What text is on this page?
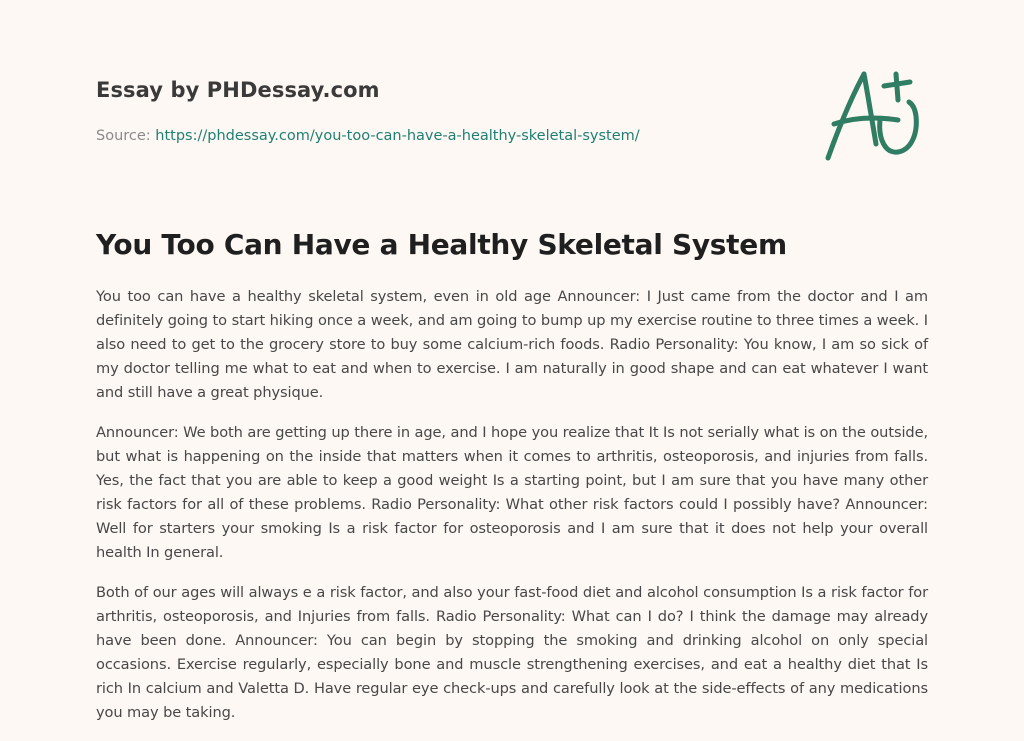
Essay by PHDessay.com
Source: https://phdessay.com/you-too-can-have-a-healthy-skeletal-system/
You Too Can Have a Healthy Skeletal System

You too can have a healthy skeletal system, even in old age Announcer: I Just came from the doctor and I am definitely going to start hiking once a week, and am going to bump up my exercise routine to three times a week. I also need to get to the grocery store to buy some calcium-rich foods. Radio Personality: You know, I am so sick of my doctor telling me what to eat and when to exercise. I am naturally in good shape and can eat whatever I want and still have a great physique.

Announcer: We both are getting up there in age, and I hope you realize that It Is not serially what is on the outside, but what is happening on the inside that matters when it comes to arthritis, osteoporosis, and injuries from falls. Yes, the fact that you are able to keep a good weight Is a starting point, but I am sure that you have many other risk factors for all of these problems. Radio Personality: What other risk factors could I possibly have? Announcer: Well for starters your smoking Is a risk factor for osteoporosis and I am sure that it does not help your overall health In general.

Both of our ages will always e a risk factor, and also your fast-food diet and alcohol consumption Is a risk factor for arthritis, osteoporosis, and Injuries from falls. Radio Personality: What can I do? I think the damage may already have been done. Announcer: You can begin by stopping the smoking and drinking alcohol on only special occasions. Exercise regularly, especially bone and muscle strengthening exercises, and eat a healthy diet that Is rich In calcium and Valetta D. Have regular eye check-ups and carefully look at the side-effects of any medications you may be taking.
